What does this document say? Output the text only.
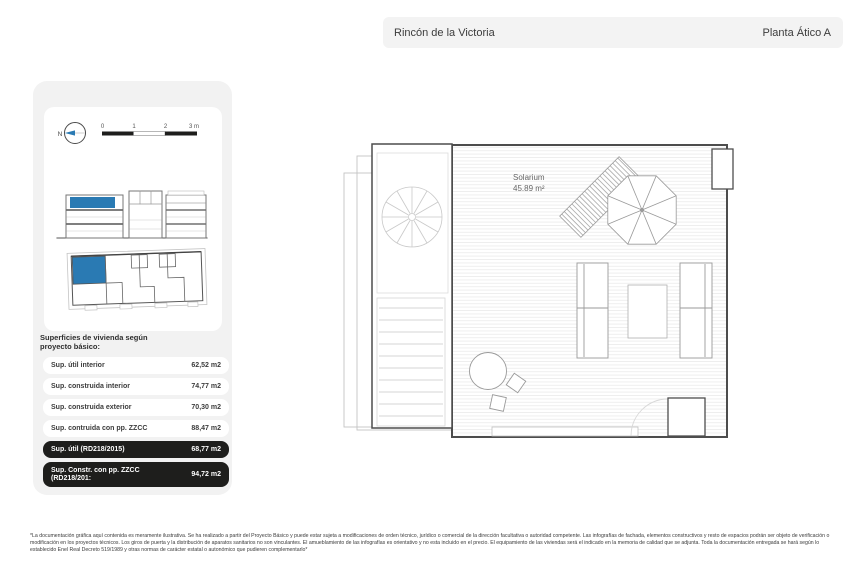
Rincón de la Victoria	Planta Ático A
N
0	1	2	3 m
Superficies de vivienda según
proyecto básico:
Sup. útil interior	62,52 m2
Sup. construida interior	74,77 m2
Sup. construida exterior	70,30 m2
Sup. contruida con pp. ZZCC	88,47 m2
Sup. útil (RD218/2015)	68,77 m2
Sup. Constr. con pp. ZZCC
(RD218/201:	94,72 m2
Solarium
45.89 m²

*La documentación gráfica aquí contenida es meramente ilustrativa. Se ha realizado a partir del Proyecto Básico y puede estar sujeta a modificaciones de orden técnico, jurídico o comercial de la dirección facultativa o autoridad competente. Las infografías de fachada, elementos constructivos y resto de espacios podrán ser objeto de verificación o modificación en los proyectos técnicos. Los giros de puerta y la distribución de aparatos sanitarios no son vinculantes. El amueblamiento de las infografías es orientativo y no esta incluido en el precio. El equipamiento de las viviendas será el indicado en la memoria de calidad que se adjunta. Toda la documentación entregada se hará según lo establecido Enel Real Decreto 519/1989 y otras normas de carácter estatal o autonómico que pudieren complementarlo*
